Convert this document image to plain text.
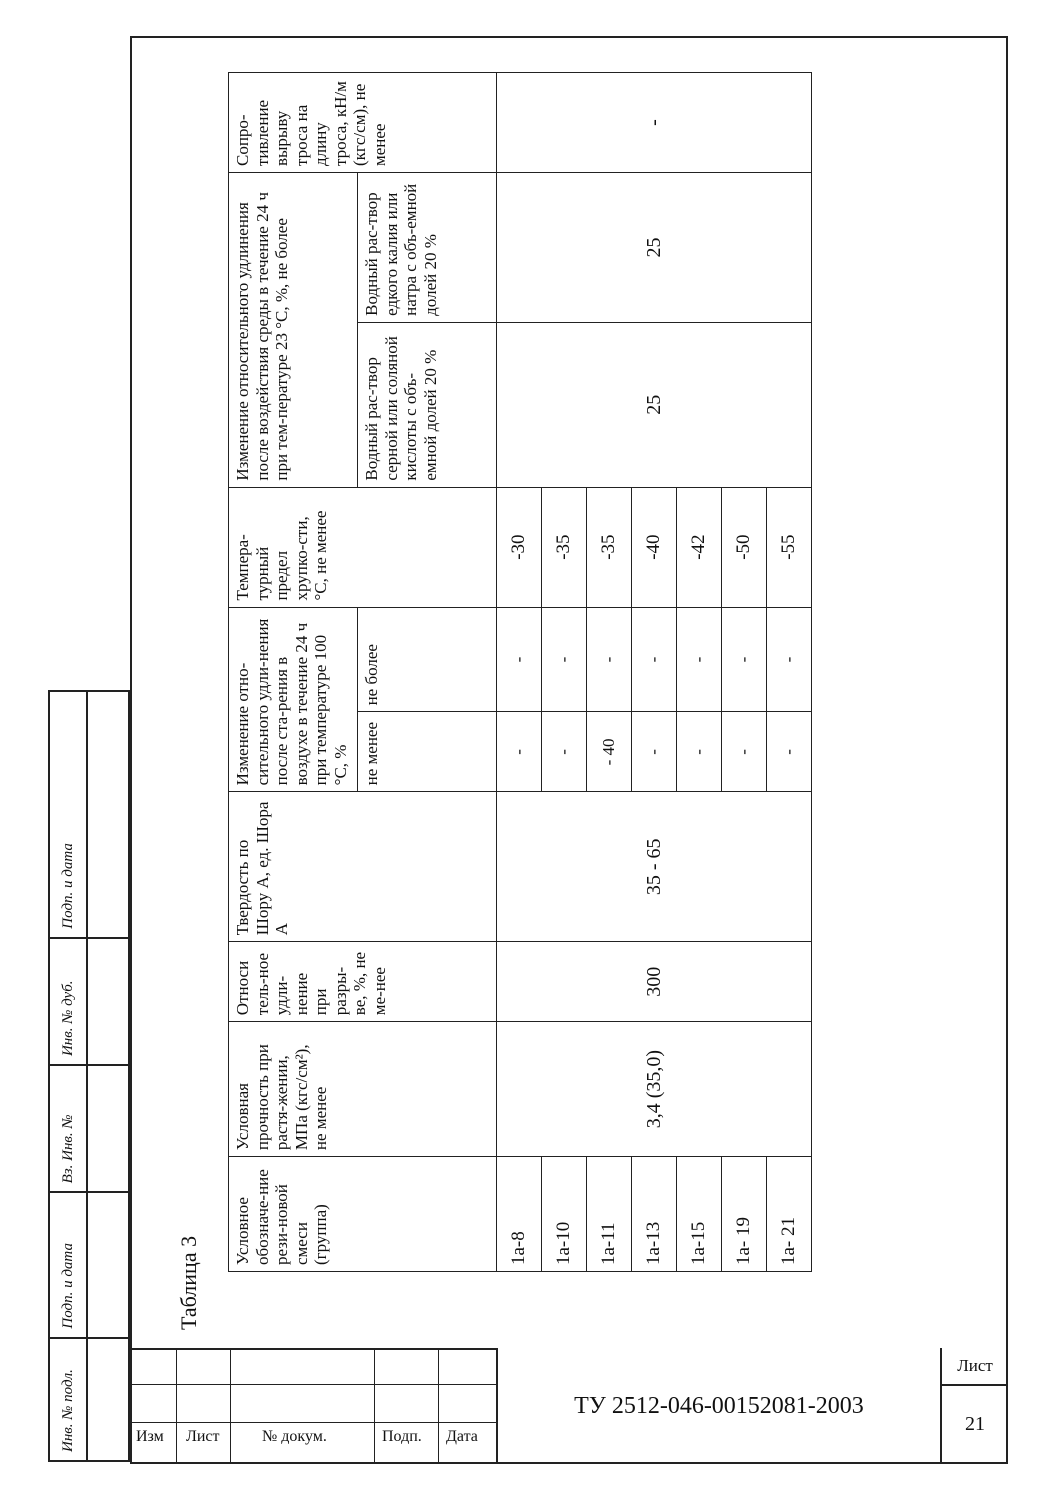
Инв. № подл.
Подп. и дата
Вз. Инв. №
Инв. № дуб.
Подп. и дата
Таблица 3
Условное обозначе-ние рези-новой смеси (группа)	Условная прочность при растя-жении, МПа (кгс/см²), не менее	Относи тель-ное удли-нение при разры-ве, %, не ме-нее	Твердость по Шору А, ед. Шора А	Изменение отно-сительного удли-нения после ста-рения в воздухе в течение 24 ч при температуре 100 °С, %		Темпера-турный предел хрупко-сти, °С, не менее	Изменение относительного удлинения после воздействия среды в течение 24 ч при тем-пературе 23 °С, %, не более		Сопро-тивление вырыву троса на длину троса, кН/м (кгс/см), не менее
				не менее	не более		Водный рас-твор серной или соляной кислоты с объ-емной долей 20 %	Водный рас-твор едкого калия или натра с объ-емной долей 20 %	
1а-8	3,4 (35,0)	300	35 - 65	-	-	-30	25	25	-
1а-10				-	-	-35			
1а-11				- 40	-	-35			
1а-13				-	-	-40			
1а-15				-	-	-42			
1а- 19				-	-	-50			
1а- 21				-	-	-55			
Изм Лист	№ докум.	Подп. Дата
ТУ 2512-046-00152081-2003
Лист
21
